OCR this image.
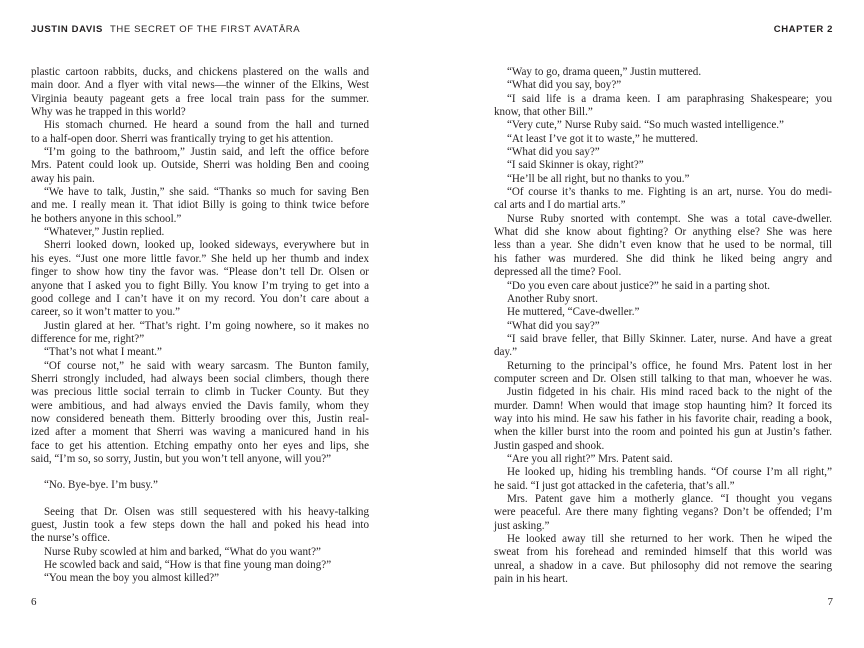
JUSTIN DAVIS THE SECRET OF THE FIRST AVATĀRA	CHAPTER 2
plastic cartoon rabbits, ducks, and chickens plastered on the walls and
main door. And a flyer with vital news—the winner of the Elkins, West
Virginia beauty pageant gets a free local train pass for the summer.
Why was he trapped in this world?
His stomach churned. He heard a sound from the hall and turned
to a half-open door. Sherri was frantically trying to get his attention.
“I’m going to the bathroom,” Justin said, and left the office before
Mrs. Patent could look up. Outside, Sherri was holding Ben and cooing
away his pain.
“We have to talk, Justin,” she said. “Thanks so much for saving Ben
and me. I really mean it. That idiot Billy is going to think twice before
he bothers anyone in this school.”
“Whatever,” Justin replied.
Sherri looked down, looked up, looked sideways, everywhere but in
his eyes. “Just one more little favor.” She held up her thumb and index
finger to show how tiny the favor was. “Please don’t tell Dr. Olsen or
anyone that I asked you to fight Billy. You know I’m trying to get into a
good college and I can’t have it on my record. You don’t care about a
career, so it won’t matter to you.”
Justin glared at her. “That’s right. I’m going nowhere, so it makes no
difference for me, right?”
“That’s not what I meant.”
“Of course not,” he said with weary sarcasm. The Bunton family,
Sherri strongly included, had always been social climbers, though there
was precious little social terrain to climb in Tucker County. But they
were ambitious, and had always envied the Davis family, whom they
now considered beneath them. Bitterly brooding over this, Justin real-
ized after a moment that Sherri was waving a manicured hand in his
face to get his attention. Etching empathy onto her eyes and lips, she
said, “I’m so, so sorry, Justin, but you won’t tell anyone, will you?”
“No. Bye-bye. I’m busy.”
Seeing that Dr. Olsen was still sequestered with his heavy-talking
guest, Justin took a few steps down the hall and poked his head into
the nurse’s office.
Nurse Ruby scowled at him and barked, “What do you want?”
He scowled back and said, “How is that fine young man doing?”
“You mean the boy you almost killed?”
“Way to go, drama queen,” Justin muttered.
“What did you say, boy?”
“I said life is a drama keen. I am paraphrasing Shakespeare; you
know, that other Bill.”
“Very cute,” Nurse Ruby said. “So much wasted intelligence.”
“At least I’ve got it to waste,” he muttered.
“What did you say?”
“I said Skinner is okay, right?”
“He’ll be all right, but no thanks to you.”
“Of course it’s thanks to me. Fighting is an art, nurse. You do medi-
cal arts and I do martial arts.”
Nurse Ruby snorted with contempt. She was a total cave-dweller.
What did she know about fighting? Or anything else? She was here
less than a year. She didn’t even know that he used to be normal, till
his father was murdered. She did think he liked being angry and
depressed all the time? Fool.
“Do you even care about justice?” he said in a parting shot.
Another Ruby snort.
He muttered, “Cave-dweller.”
“What did you say?”
“I said brave feller, that Billy Skinner. Later, nurse. And have a great
day.”
Returning to the principal’s office, he found Mrs. Patent lost in her
computer screen and Dr. Olsen still talking to that man, whoever he was.
Justin fidgeted in his chair. His mind raced back to the night of the
murder. Damn! When would that image stop haunting him? It forced its
way into his mind. He saw his father in his favorite chair, reading a book,
when the killer burst into the room and pointed his gun at Justin’s father.
Justin gasped and shook.
“Are you all right?” Mrs. Patent said.
He looked up, hiding his trembling hands. “Of course I’m all right,”
he said. “I just got attacked in the cafeteria, that’s all.”
Mrs. Patent gave him a motherly glance. “I thought you vegans
were peaceful. Are there many fighting vegans? Don’t be offended; I’m
just asking.”
He looked away till she returned to her work. Then he wiped the
sweat from his forehead and reminded himself that this world was
unreal, a shadow in a cave. But philosophy did not remove the searing
pain in his heart.
6	7
